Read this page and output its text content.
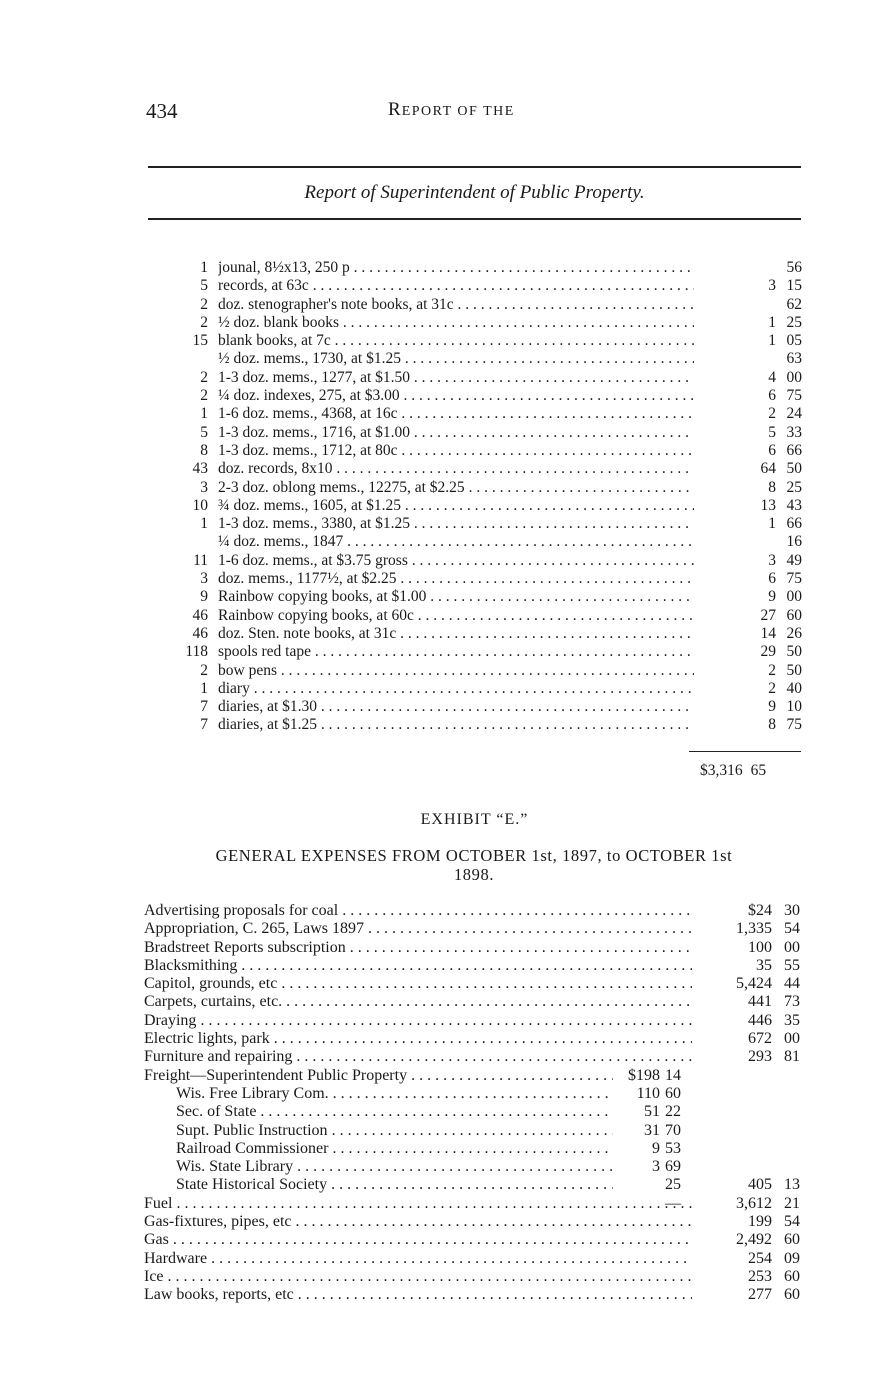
434	REPORT OF THE
Report of Superintendent of Public Property.
1 jounal, 8½x13, 250 p . . .	56
5 records, at 63c . . .	3 15
2 doz. stenographer's note books, at 31c . . .	62
2 ½ doz. blank books . . .	1 25
15 blank books, at 7c . . .	1 05
½ doz. mems., 1730, at $1.25 . . .	63
2 1-3 doz. mems., 1277, at $1.50 . . .	4 00
2 ¼ doz. indexes, 275, at $3.00 . . .	6 75
1 1-6 doz. mems., 4368, at 16c . . .	2 24
5 1-3 doz. mems., 1716, at $1.00 . . .	5 33
8 1-3 doz. mems., 1712, at 80c . . .	6 66
43 doz. records, 8x10 . . .	64 50
3 2-3 doz. oblong mems., 12275, at $2.25 . . .	8 25
10 ¾ doz. mems., 1605, at $1.25 . . .	13 43
1 1-3 doz. mems., 3380, at $1.25 . . .	1 66
¼ doz. mems., 1847 . . .	16
11 1-6 doz. mems., at $3.75 gross . . .	3 49
3 doz. mems., 1177½, at $2.25 . . .	6 75
9 Rainbow copying books, at $1.00 . . .	9 00
46 Rainbow copying books, at 60c . . .	27 60
46 doz. Sten. note books, at 31c . . .	14 26
118 spools red tape . . .	29 50
2 bow pens . . .	2 50
1 diary . . .	2 40
7 diaries, at $1.30 . . .	9 10
7 diaries, at $1.25 . . .	8 75
$3,316 65
EXHIBIT “E.”
GENERAL EXPENSES FROM OCTOBER 1st, 1897, to OCTOBER 1st
1898.
Advertising proposals for coal . . .	$24 30
Appropriation, C. 265, Laws 1897 . . .	1,335 54
Bradstreet Reports subscription . . .	100 00
Blacksmithing . . .	35 55
Capitol, grounds, etc . . .	5,424 44
Carpets, curtains, etc. . . .	441 73
Draying . . .	446 35
Electric lights, park . . .	672 00
Furniture and repairing . . .	293 81
Freight—Superintendent Public Property . . .	$198 14
Wis. Free Library Com. . . .	110 60
Sec. of State . . .	51 22
Supt. Public Instruction . . .	31 70
Railroad Commissioner . . .	9 53
Wis. State Library . . .	3 69
State Historical Society . . .	25—
405 13
Fuel . . .	3,612 21
Gas-fixtures, pipes, etc . . .	199 54
Gas . . .	2,492 60
Hardware . . .	254 09
Ice . . .	253 60
Law books, reports, etc . . .	277 60
